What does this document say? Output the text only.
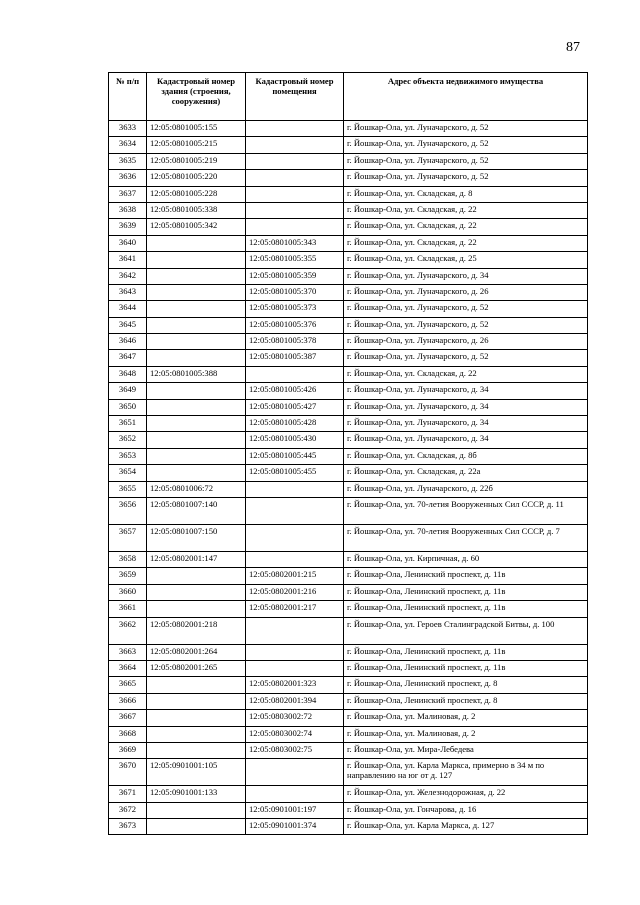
87
№ п/п	Кадастровый номер здания (строения, сооружения)	Кадастровый номер помещения	Адрес объекта недвижимого имущества
3633	12:05:0801005:155		г. Йошкар-Ола, ул. Луначарского, д. 52
3634	12:05:0801005:215		г. Йошкар-Ола, ул. Луначарского, д. 52
3635	12:05:0801005:219		г. Йошкар-Ола, ул. Луначарского, д. 52
3636	12:05:0801005:220		г. Йошкар-Ола, ул. Луначарского, д. 52
3637	12:05:0801005:228		г. Йошкар-Ола, ул. Складская, д. 8
3638	12:05:0801005:338		г. Йошкар-Ола, ул. Складская, д. 22
3639	12:05:0801005:342		г. Йошкар-Ола, ул. Складская, д. 22
3640		12:05:0801005:343	г. Йошкар-Ола, ул. Складская, д. 22
3641		12:05:0801005:355	г. Йошкар-Ола, ул. Складская, д. 25
3642		12:05:0801005:359	г. Йошкар-Ола, ул. Луначарского, д. 34
3643		12:05:0801005:370	г. Йошкар-Ола, ул. Луначарского, д. 26
3644		12:05:0801005:373	г. Йошкар-Ола, ул. Луначарского, д. 52
3645		12:05:0801005:376	г. Йошкар-Ола, ул. Луначарского, д. 52
3646		12:05:0801005:378	г. Йошкар-Ола, ул. Луначарского, д. 26
3647		12:05:0801005:387	г. Йошкар-Ола, ул. Луначарского, д. 52
3648	12:05:0801005:388		г. Йошкар-Ола, ул. Складская, д. 22
3649		12:05:0801005:426	г. Йошкар-Ола, ул. Луначарского, д. 34
3650		12:05:0801005:427	г. Йошкар-Ола, ул. Луначарского, д. 34
3651		12:05:0801005:428	г. Йошкар-Ола, ул. Луначарского, д. 34
3652		12:05:0801005:430	г. Йошкар-Ола, ул. Луначарского, д. 34
3653		12:05:0801005:445	г. Йошкар-Ола, ул. Складская, д. 8б
3654		12:05:0801005:455	г. Йошкар-Ола, ул. Складская, д. 22а
3655	12:05:0801006:72		г. Йошкар-Ола, ул. Луначарского, д. 22б
3656	12:05:0801007:140		г. Йошкар-Ола, ул. 70-летия Вооруженных Сил СССР, д. 11
3657	12:05:0801007:150		г. Йошкар-Ола, ул. 70-летия Вооруженных Сил СССР, д. 7
3658	12:05:0802001:147		г. Йошкар-Ола, ул. Кирпичная, д. 60
3659		12:05:0802001:215	г. Йошкар-Ола, Ленинский проспект, д. 11в
3660		12:05:0802001:216	г. Йошкар-Ола, Ленинский проспект, д. 11в
3661		12:05:0802001:217	г. Йошкар-Ола, Ленинский проспект, д. 11в
3662	12:05:0802001:218		г. Йошкар-Ола, ул. Героев Сталинградской Битвы, д. 100
3663	12:05:0802001:264		г. Йошкар-Ола, Ленинский проспект, д. 11в
3664	12:05:0802001:265		г. Йошкар-Ола, Ленинский проспект, д. 11в
3665		12:05:0802001:323	г. Йошкар-Ола, Ленинский проспект, д. 8
3666		12:05:0802001:394	г. Йошкар-Ола, Ленинский проспект, д. 8
3667		12:05:0803002:72	г. Йошкар-Ола, ул. Малиновая, д. 2
3668		12:05:0803002:74	г. Йошкар-Ола, ул. Малиновая, д. 2
3669		12:05:0803002:75	г. Йошкар-Ола, ул. Мира-Лебедева
3670	12:05:0901001:105		г. Йошкар-Ола, ул. Карла Маркса, примерно в 34 м по направлению на юг от д. 127
3671	12:05:0901001:133		г. Йошкар-Ола, ул. Железнодорожная, д. 22
3672		12:05:0901001:197	г. Йошкар-Ола, ул. Гончарова, д. 16
3673		12:05:0901001:374	г. Йошкар-Ола, ул. Карла Маркса, д. 127
